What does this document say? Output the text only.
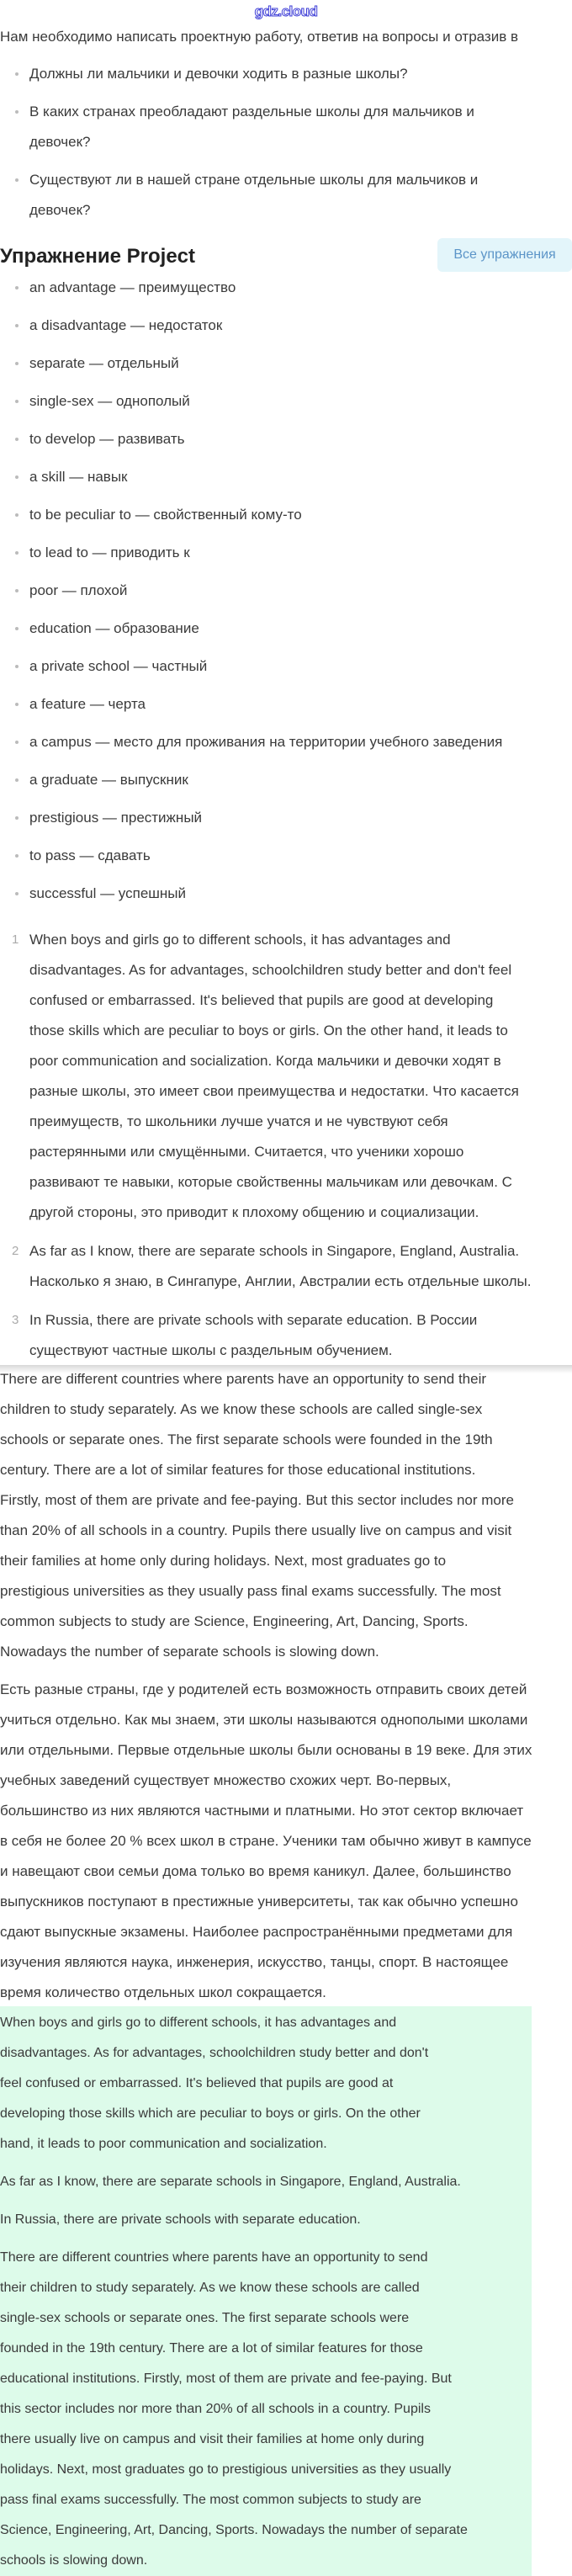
gdz.cloud
Нам необходимо написать проектную работу, ответив на вопросы и отразив в
Должны ли мальчики и девочки ходить в разные школы?
В каких странах преобладают раздельные школы для мальчиков и
девочек?
Существуют ли в нашей стране отдельные школы для мальчиков и
девочек?
Упражнение Project	Все упражнения
an advantage — преимущество
a disadvantage — недостаток
separate — отдельный
single-sex — однополый
to develop — развивать
a skill — навык
to be peculiar to — свойственный кому-то
to lead to — приводить к
poor — плохой
education — образование
a private school — частный
a feature — черта
a campus — место для проживания на территории учебного заведения
a graduate — выпускник
prestigious — престижный
to pass — сдавать
successful — успешный
1 When boys and girls go to different schools, it has advantages and
disadvantages. As for advantages, schoolchildren study better and don't feel
confused or embarrassed. It's believed that pupils are good at developing
those skills which are peculiar to boys or girls. On the other hand, it leads to
poor communication and socialization. Когда мальчики и девочки ходят в
разные школы, это имеет свои преимущества и недостатки. Что касается
преимуществ, то школьники лучше учатся и не чувствуют себя
растерянными или смущёнными. Считается, что ученики хорошо
развивают те навыки, которые свойственны мальчикам или девочкам. С
другой стороны, это приводит к плохому общению и социализации.
2 As far as I know, there are separate schools in Singapore, England, Australia.
Насколько я знаю, в Сингапуре, Англии, Австралии есть отдельные школы.
3 In Russia, there are private schools with separate education. В России
существуют частные школы с раздельным обучением.
There are different countries where parents have an opportunity to send their
children to study separately. As we know these schools are called single-sex
schools or separate ones. The first separate schools were founded in the 19th
century. There are a lot of similar features for those educational institutions.
Firstly, most of them are private and fee-paying. But this sector includes nor more
than 20% of all schools in a country. Pupils there usually live on campus and visit
their families at home only during holidays. Next, most graduates go to
prestigious universities as they usually pass final exams successfully. The most
common subjects to study are Science, Engineering, Art, Dancing, Sports.
Nowadays the number of separate schools is slowing down.
Есть разные страны, где у родителей есть возможность отправить своих детей
учиться отдельно. Как мы знаем, эти школы называются однополыми школами
или отдельными. Первые отдельные школы были основаны в 19 веке. Для этих
учебных заведений существует множество схожих черт. Во-первых,
большинство из них являются частными и платными. Но этот сектор включает
в себя не более 20 % всех школ в стране. Ученики там обычно живут в кампусе
и навещают свои семьи дома только во время каникул. Далее, большинство
выпускников поступают в престижные университеты, так как обычно успешно
сдают выпускные экзамены. Наиболее распространёнными предметами для
изучения являются наука, инженерия, искусство, танцы, спорт. В настоящее
время количество отдельных школ сокращается.
When boys and girls go to different schools, it has advantages and
disadvantages. As for advantages, schoolchildren study better and don't
feel confused or embarrassed. It's believed that pupils are good at
developing those skills which are peculiar to boys or girls. On the other
hand, it leads to poor communication and socialization.
As far as I know, there are separate schools in Singapore, England, Australia.
In Russia, there are private schools with separate education.
There are different countries where parents have an opportunity to send
their children to study separately. As we know these schools are called
single-sex schools or separate ones. The first separate schools were
founded in the 19th century. There are a lot of similar features for those
educational institutions. Firstly, most of them are private and fee-paying. But
this sector includes nor more than 20% of all schools in a country. Pupils
there usually live on campus and visit their families at home only during
holidays. Next, most graduates go to prestigious universities as they usually
pass final exams successfully. The most common subjects to study are
Science, Engineering, Art, Dancing, Sports. Nowadays the number of separate
schools is slowing down.
